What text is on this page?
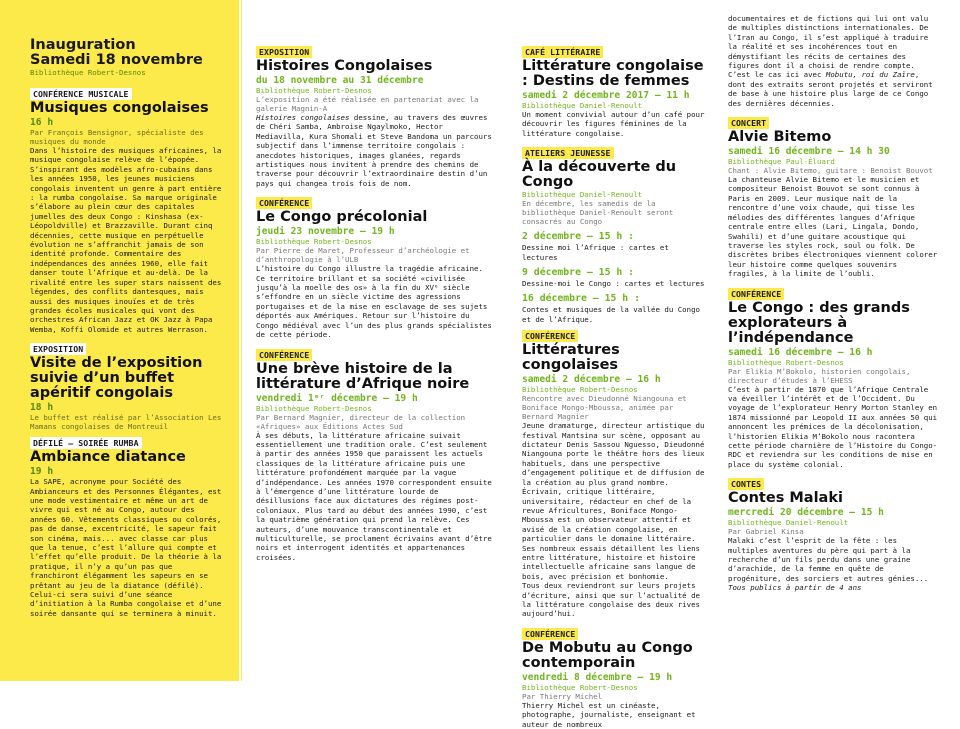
Inauguration
Samedi 18 novembre

Bibliothèque Robert-Desnos

CONFÉRENCE MUSICALE
Musiques congolaises

16 h

Par François Bensignor, spécialiste des musiques du monde

Dans l’histoire des musiques africaines, la musique congolaise relève de l’épopée. S’inspirant des modèles afro-cubains dans les années 1950, les jeunes musiciens congolais inventent un genre à part entière : la rumba congolaise. Sa marque originale s’élabore au plein cœur des capitales jumelles des deux Congo : Kinshasa (ex-Léopoldville) et Brazzaville. Durant cinq décennies, cette musique en perpétuelle évolution ne s’affranchit jamais de son identité profonde. Commentaire des indépendances des années 1960, elle fait danser toute l’Afrique et au-delà. De la rivalité entre les super stars naissent des légendes, des conflits dantesques, mais aussi des musiques inouïes et de très grandes écoles musicales qui vont des orchestres African Jazz et OK Jazz à Papa Wemba, Koffi Olomide et autres Werrason.

EXPOSITION
Visite de l’exposition suivie d’un buffet apéritif congolais

18 h

Le buffet est réalisé par l’Association Les Mamans congolaises de Montreuil

DÉFILÉ – SOIRÉE RUMBA
Ambiance diatance

19 h

La SAPE, acronyme pour Société des Ambianceurs et des Personnes Élégantes, est une mode vestimentaire et même un art de vivre qui est né au Congo, autour des années 60. Vêtements classiques ou colorés, pas de danse, excentricité, le sapeur fait son cinéma, mais... avec classe car plus que la tenue, c’est l’allure qui compte et l’effet qu’elle produit. De la théorie à la pratique, il n’y a qu’un pas que franchiront élégamment les sapeurs en se prêtant au jeu de la diatance (défilé). Celui-ci sera suivi d’une séance d’initiation à la Rumba congolaise et d’une soirée dansante qui se terminera à minuit.

EXPOSITION
Histoires Congolaises

du 18 novembre au 31 décembre

Bibliothèque Robert-Desnos

L’exposition a été réalisée en partenariat avec la galerie Magnin-A

Histoires congolaises dessine, au travers des œuvres de Chéri Samba, Ambroise Ngaylmoko, Hector Mediavilla, Kura Shomali et Steve Bandoma un parcours subjectif dans l’immense territoire congolais : anecdotes historiques, images glanées, regards artistiques nous invitent à prendre des chemins de traverse pour découvrir l’extraordinaire destin d’un pays qui changea trois fois de nom.

CONFÉRENCE
Le Congo précolonial

jeudi 23 novembre – 19 h

Bibliothèque Robert-Desnos

Par Pierre de Maret, Professeur d’archéologie et d’anthropologie à l’ULB

L’histoire du Congo illustre la tragédie africaine. Ce territoire brillant et sa société «civilisée jusqu’à la moelle des os» à la fin du XVᵉ siècle s’effondre en un siècle victime des agressions portugaises et de la mise en esclavage de ses sujets déportés aux Amériques. Retour sur l’histoire du Congo médiéval avec l’un des plus grands spécialistes de cette période.

CONFÉRENCE
Une brève histoire de la littérature d’Afrique noire

vendredi 1ᵉʳ décembre – 19 h

Bibliothèque Robert-Desnos

Par Bernard Magnier, directeur de la collection «Afriques» aux Éditions Actes Sud

À ses débuts, la littérature africaine suivait essentiellement une tradition orale. C’est seulement à partir des années 1950 que paraissent les actuels classiques de la littérature africaine puis une littérature profondément marquée par la vague d’indépendance. Les années 1970 correspondent ensuite à l’émergence d’une littérature lourde de désillusions face aux dictatures des régimes post-coloniaux. Plus tard au début des années 1990, c’est la quatrième génération qui prend la relève. Ces auteurs, d’une mouvance transcontinentale et multiculturelle, se proclament écrivains avant d’être noirs et interrogent identités et appartenances croisées.

CAFÉ LITTÉRAIRE
Littérature congolaise : Destins de femmes

samedi 2 décembre 2017 – 11 h

Bibliothèque Daniel-Renoult

Un moment convivial autour d’un café pour découvrir les figures féminines de la littérature congolaise.

ATELIERS JEUNESSE
À la découverte du Congo

Bibliothèque Daniel-Renoult

En décembre, les samedis de la bibliothèque Daniel-Renoult seront consacrés au Congo

2 décembre – 15 h :

Dessine moi l’Afrique : cartes et lectures

9 décembre – 15 h :

Dessine-moi le Congo : cartes et lectures

16 décembre – 15 h :

Contes et musiques de la vallée du Congo et de l’Afrique.

CONFÉRENCE
Littératures congolaises

samedi 2 décembre – 16 h

Bibliothèque Robert-Desnos

Rencontre avec Dieudonné Niangouna et Boniface Mongo-Mboussa, animée par Bernard Magnier

Jeune dramaturge, directeur artistique du festival Mantsina sur scène, opposant au dictateur Denis Sassou Nguesso, Dieudonné Niangouna porte le théâtre hors des lieux habituels, dans une perspective d’engagement politique et de diffusion de la création au plus grand nombre.

Écrivain, critique littéraire, universitaire, rédacteur en chef de la revue Africultures, Boniface Mongo-Mboussa est un observateur attentif et avisé de la création congolaise, en particulier dans le domaine littéraire. Ses nombreux essais détaillent les liens entre littérature, histoire et histoire intellectuelle africaine sans langue de bois, avec précision et bonhomie.

Tous deux reviendront sur leurs projets d’écriture, ainsi que sur l’actualité de la littérature congolaise des deux rives aujourd’hui.

CONFÉRENCE
De Mobutu au Congo contemporain

vendredi 8 décembre – 19 h

Bibliothèque Robert-Desnos

Par Thierry Michel

Thierry Michel est un cinéaste, photographe, journaliste, enseignant et auteur de nombreux

documentaires et de fictions qui lui ont valu de multiples distinctions internationales. De l’Iran au Congo, il s’est appliqué à traduire la réalité et ses incohérences tout en démystifiant les récits de certaines des figures dont il a choisi de rendre compte. C’est le cas ici avec Mobutu, roi du Zaïre, dont des extraits seront projetés et serviront de base à une histoire plus large de ce Congo des dernières décennies.

CONCERT
Alvie Bitemo

samedi 16 décembre – 14 h 30

Bibliothèque Paul-Éluard

Chant : Alvie Bitemo, guitare : Benoist Bouvot

La chanteuse Alvie Bitemo et le musicien et compositeur Benoist Bouvot se sont connus à Paris en 2009. Leur musique naît de la rencontre d’une voix chaude, qui tisse les mélodies des différentes langues d’Afrique centrale entre elles (Lari, Lingala, Dondo, Swahili) et d’une guitare acoustique qui traverse les styles rock, soul ou folk. De discrètes bribes électroniques viennent colorer leur histoire comme quelques souvenirs fragiles, à la limite de l’oubli.

CONFÉRENCE
Le Congo : des grands explorateurs à l’indépendance

samedi 16 décembre – 16 h

Bibliothèque Robert-Desnos

Par Elikia M’Bokolo, historien congolais, directeur d’études à l’EHESS

C’est à partir de 1870 que l’Afrique Centrale va éveiller l’intérêt et de l’Occident. Du voyage de l’explorateur Henry Morton Stanley en 1874 missionné par Leopold II aux années 50 qui annoncent les prémices de la décolonisation, l’historien Elikia M’Bokolo nous racontera cette période charnière de l’Histoire du Congo-RDC et reviendra sur les conditions de mise en place du système colonial.

CONTES
Contes Malaki

mercredi 20 décembre – 15 h

Bibliothèque Daniel-Renoult

Par Gabriel Kinsa

Malaki c’est l’esprit de la fête : les multiples aventures du père qui part à la recherche d’un fils perdu dans une graine d’arachide, de la femme en quête de progéniture, des sorciers et autres génies...
Tous publics à partir de 4 ans
